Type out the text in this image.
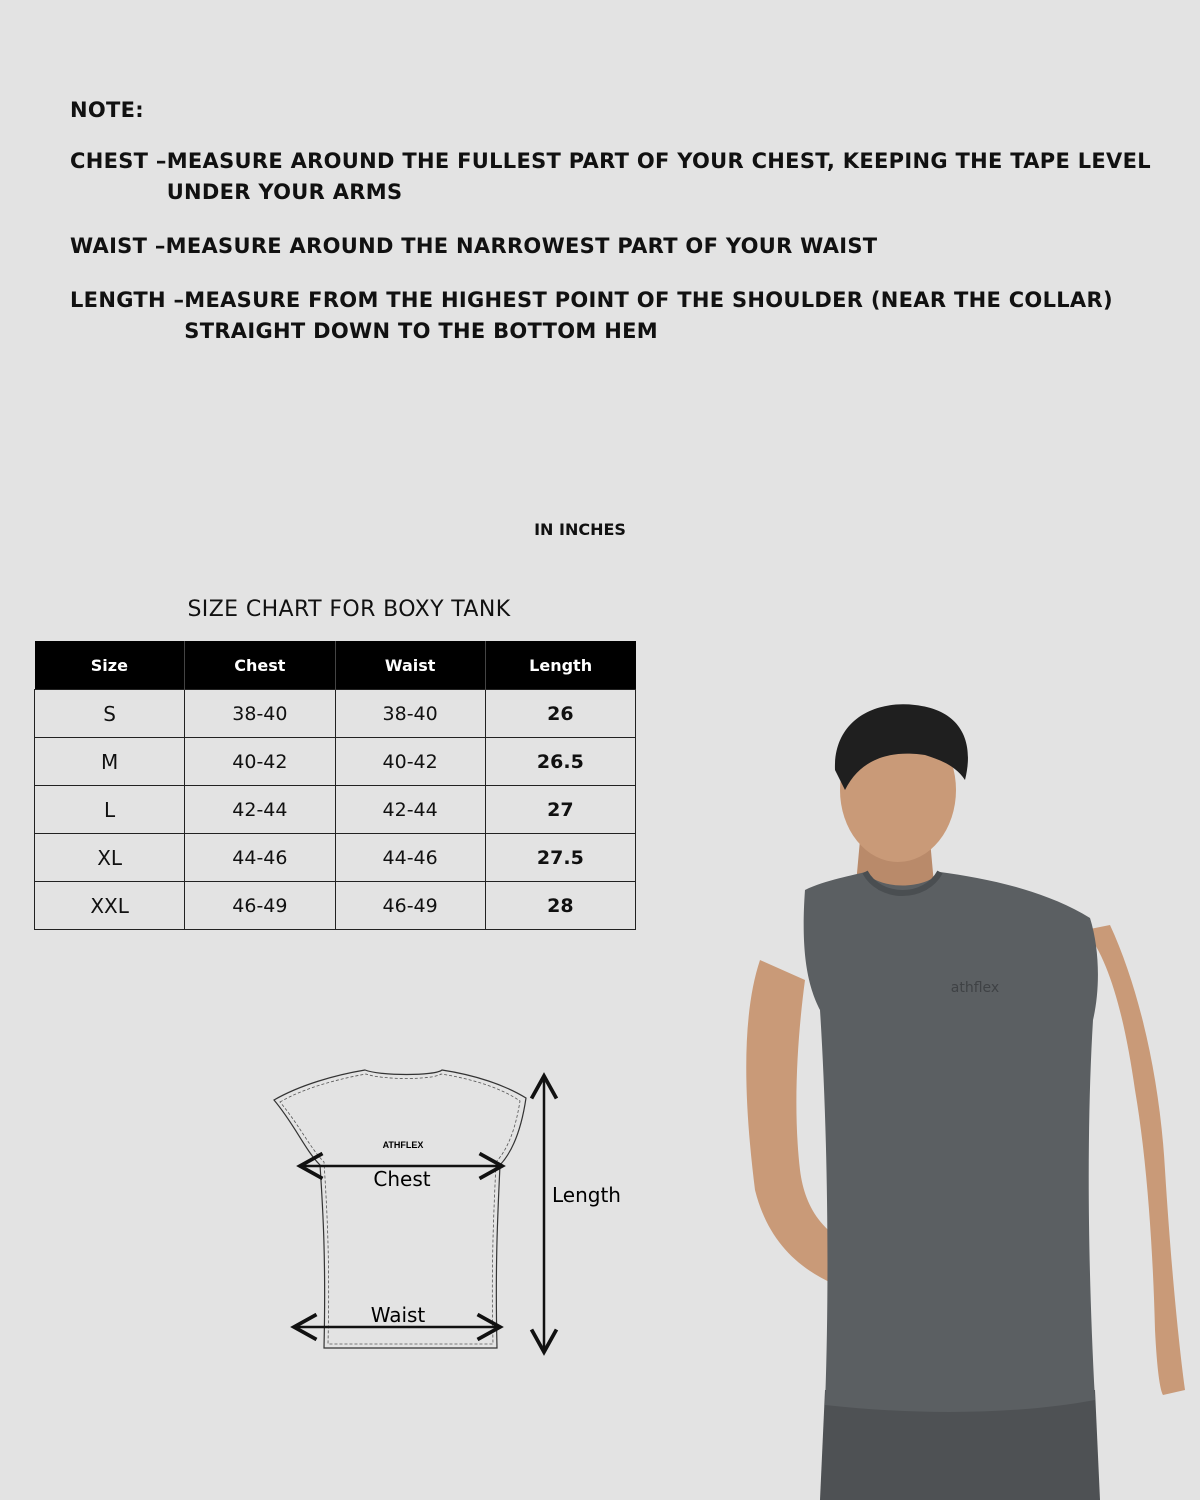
NOTE:
CHEST – MEASURE AROUND THE FULLEST PART OF YOUR CHEST, KEEPING THE TAPE LEVEL UNDER YOUR ARMS
WAIST – MEASURE AROUND THE NARROWEST PART OF YOUR WAIST
LENGTH – MEASURE FROM THE HIGHEST POINT OF THE SHOULDER (NEAR THE COLLAR) STRAIGHT DOWN TO THE BOTTOM HEM
IN INCHES
SIZE CHART FOR BOXY TANK
Size	Chest	Waist	Length
S	38-40	38-40	26
M	40-42	40-42	26.5
L	42-44	42-44	27
XL	44-46	44-46	27.5
XXL	46-49	46-49	28
ATHFLEX
Chest
Waist
Length
athflex
